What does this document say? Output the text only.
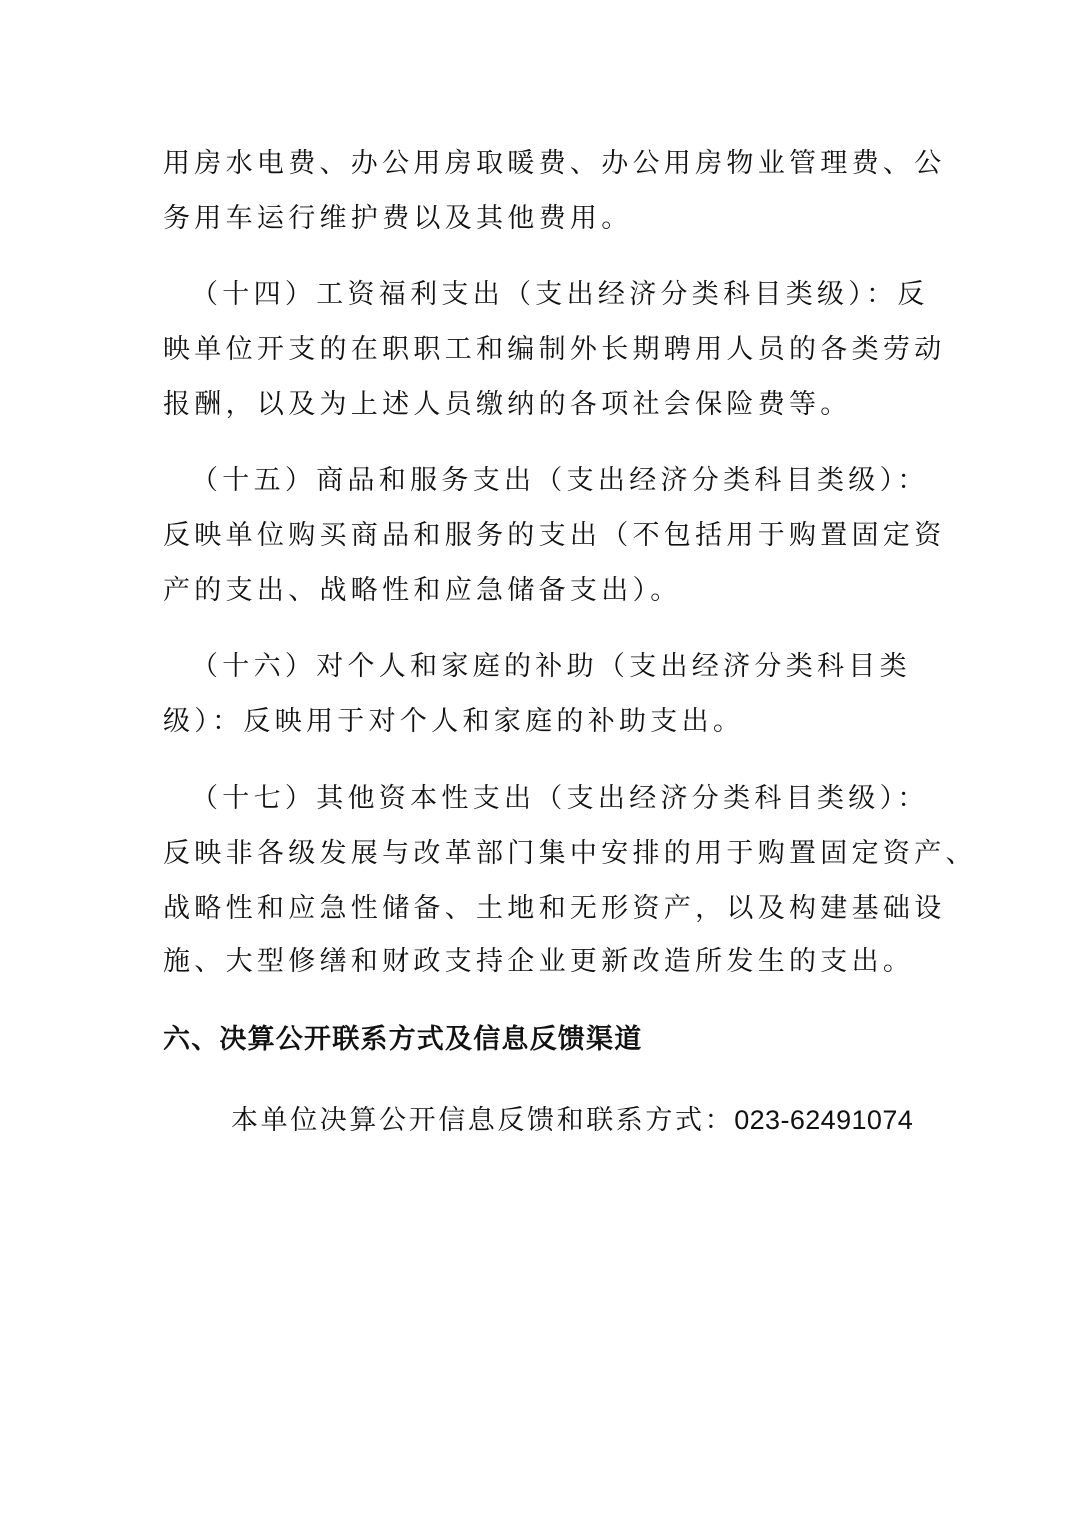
用房水电费、办公用房取暖费、办公用房物业管理费、公
务用车运行维护费以及其他费用。
（十四）工资福利支出（支出经济分类科目类级）：反
映单位开支的在职职工和编制外长期聘用人员的各类劳动
报酬，以及为上述人员缴纳的各项社会保险费等。
（十五）商品和服务支出（支出经济分类科目类级）：
反映单位购买商品和服务的支出（不包括用于购置固定资
产的支出、战略性和应急储备支出）。
（十六）对个人和家庭的补助（支出经济分类科目类
级）：反映用于对个人和家庭的补助支出。
（十七）其他资本性支出（支出经济分类科目类级）：
反映非各级发展与改革部门集中安排的用于购置固定资产、
战略性和应急性储备、土地和无形资产，以及构建基础设
施、大型修缮和财政支持企业更新改造所发生的支出。
六、决算公开联系方式及信息反馈渠道
本单位决算公开信息反馈和联系方式：023-62491074
